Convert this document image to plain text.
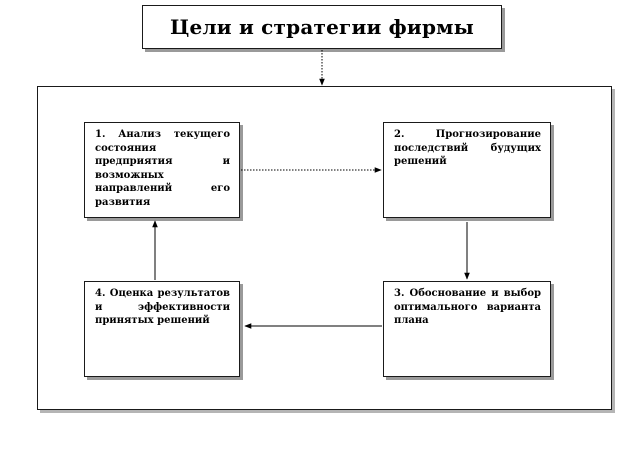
Цели и стратегии фирмы
1. Анализ текущего состояния предприятия и возможных направлений его развития
2. Прогнозирование последствий будущих решений
3. Обоснование и выбор оптимального варианта плана
4. Оценка результатов и эффективности принятых решений
